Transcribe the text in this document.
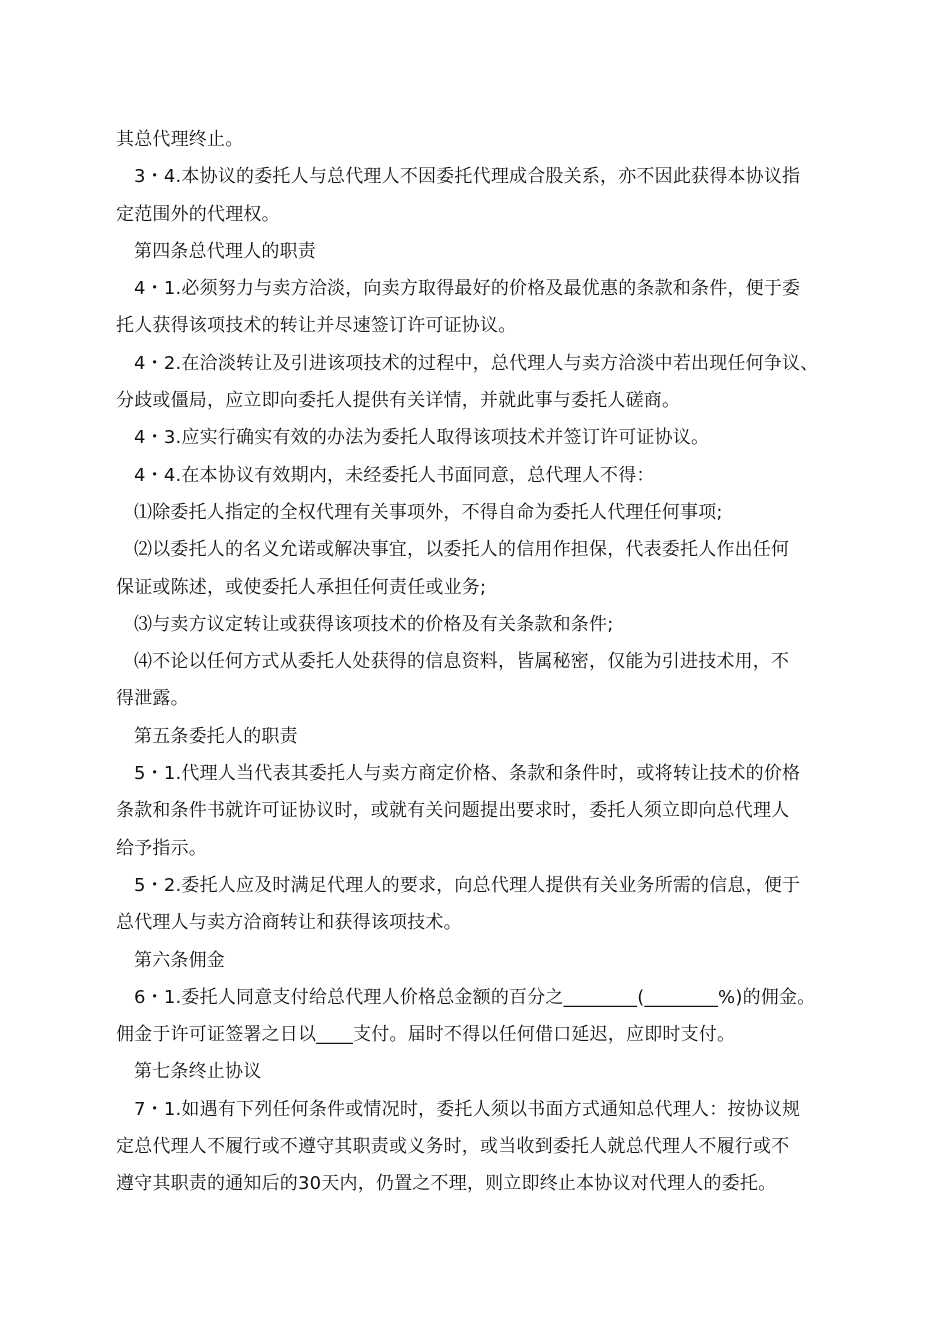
其总代理终止。
3・4.本协议的委托人与总代理人不因委托代理成合股关系，亦不因此获得本协议指
定范围外的代理权。
第四条总代理人的职责
4・1.必须努力与卖方洽淡，向卖方取得最好的价格及最优惠的条款和条件，便于委
托人获得该项技术的转让并尽速签订许可证协议。
4・2.在洽淡转让及引进该项技术的过程中，总代理人与卖方洽淡中若出现任何争议、
分歧或僵局，应立即向委托人提供有关详情，并就此事与委托人磋商。
4・3.应实行确实有效的办法为委托人取得该项技术并签订许可证协议。
4・4.在本协议有效期内，未经委托人书面同意，总代理人不得：
⑴除委托人指定的全权代理有关事项外，不得自命为委托人代理任何事项;
⑵以委托人的名义允诺或解决事宜，以委托人的信用作担保，代表委托人作出任何
保证或陈述，或使委托人承担任何责任或业务;
⑶与卖方议定转让或获得该项技术的价格及有关条款和条件;
⑷不论以任何方式从委托人处获得的信息资料，皆属秘密，仅能为引进技术用，不
得泄露。
第五条委托人的职责
5・1.代理人当代表其委托人与卖方商定价格、条款和条件时，或将转让技术的价格
条款和条件书就许可证协议时，或就有关问题提出要求时，委托人须立即向总代理人
给予指示。
5・2.委托人应及时满足代理人的要求，向总代理人提供有关业务所需的信息，便于
总代理人与卖方洽商转让和获得该项技术。
第六条佣金
6・1.委托人同意支付给总代理人价格总金额的百分之________(________%)的佣金。
佣金于许可证签署之日以____支付。届时不得以任何借口延迟，应即时支付。
第七条终止协议
7・1.如遇有下列任何条件或情况时，委托人须以书面方式通知总代理人：按协议规
定总代理人不履行或不遵守其职责或义务时，或当收到委托人就总代理人不履行或不
遵守其职责的通知后的30天内，仍置之不理，则立即终止本协议对代理人的委托。
